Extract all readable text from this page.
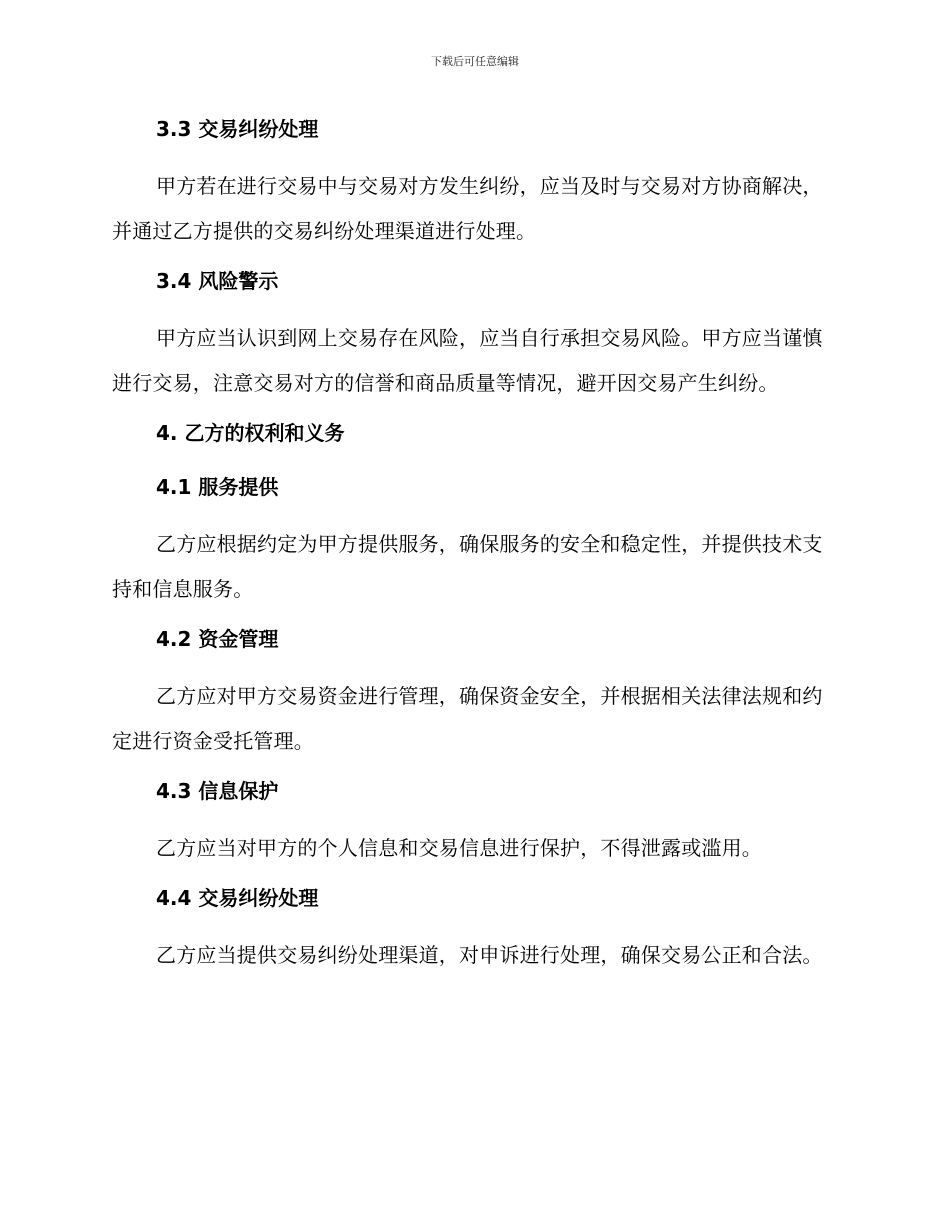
下载后可任意编辑
3.3 交易纠纷处理

甲方若在进行交易中与交易对方发生纠纷，应当及时与交易对方协商解决，并通过乙方提供的交易纠纷处理渠道进行处理。

3.4 风险警示

甲方应当认识到网上交易存在风险，应当自行承担交易风险。甲方应当谨慎进行交易，注意交易对方的信誉和商品质量等情况，避开因交易产生纠纷。

4. 乙方的权利和义务
4.1 服务提供

乙方应根据约定为甲方提供服务，确保服务的安全和稳定性，并提供技术支持和信息服务。

4.2 资金管理

乙方应对甲方交易资金进行管理，确保资金安全，并根据相关法律法规和约定进行资金受托管理。

4.3 信息保护

乙方应当对甲方的个人信息和交易信息进行保护，不得泄露或滥用。

4.4 交易纠纷处理

乙方应当提供交易纠纷处理渠道，对申诉进行处理，确保交易公正和合法。
